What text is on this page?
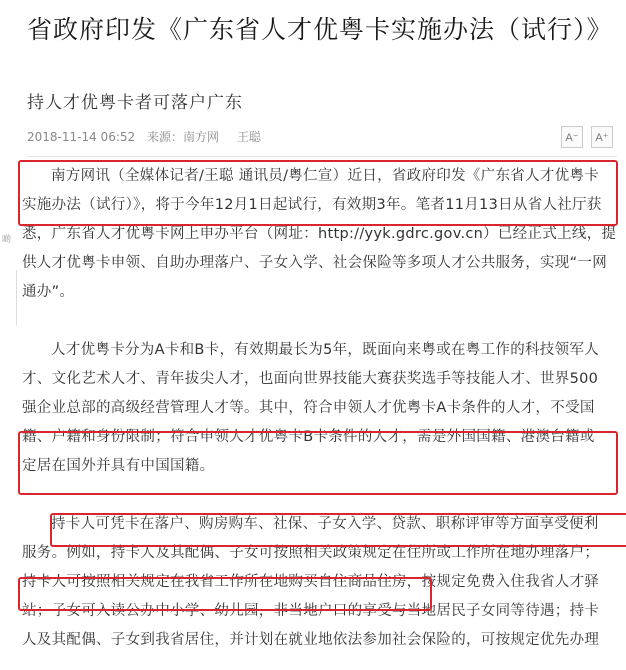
省政府印发《广东省人才优粤卡实施办法（试行）》
持人才优粤卡者可落户广东
2018-11-14 06:52 来源：南方网 王聪	A⁻	A⁺
啲

南方网讯（全媒体记者/王聪 通讯员/粤仁宣）近日，省政府印发《广东省人才优粤卡
实施办法（试行）》，将于今年12月1日起试行，有效期3年。笔者11月13日从省人社厅获
悉，广东省人才优粤卡网上申办平台（网址：http://yyk.gdrc.gov.cn）已经正式上线，提
供人才优粤卡申领、自助办理落户、子女入学、社会保险等多项人才公共服务，实现“一网
通办”。

人才优粤卡分为A卡和B卡，有效期最长为5年，既面向来粤或在粤工作的科技领军人
才、文化艺术人才、青年拔尖人才，也面向世界技能大赛获奖选手等技能人才、世界500
强企业总部的高级经营管理人才等。其中，符合申领人才优粤卡A卡条件的人才，不受国
籍、户籍和身份限制；符合申领人才优粤卡B卡条件的人才，需是外国国籍、港澳台籍或
定居在国外并具有中国国籍。

持卡人可凭卡在落户、购房购车、社保、子女入学、贷款、职称评审等方面享受便利
服务。例如，持卡人及其配偶、子女可按照相关政策规定在住所或工作所在地办理落户；
持卡人可按照相关规定在我省工作所在地购买自住商品住房，按规定免费入住我省人才驿
站；子女可入读公办中小学、幼儿园，非当地户口的享受与当地居民子女同等待遇；持卡
人及其配偶、子女到我省居住，并计划在就业地依法参加社会保险的，可按规定优先办理
